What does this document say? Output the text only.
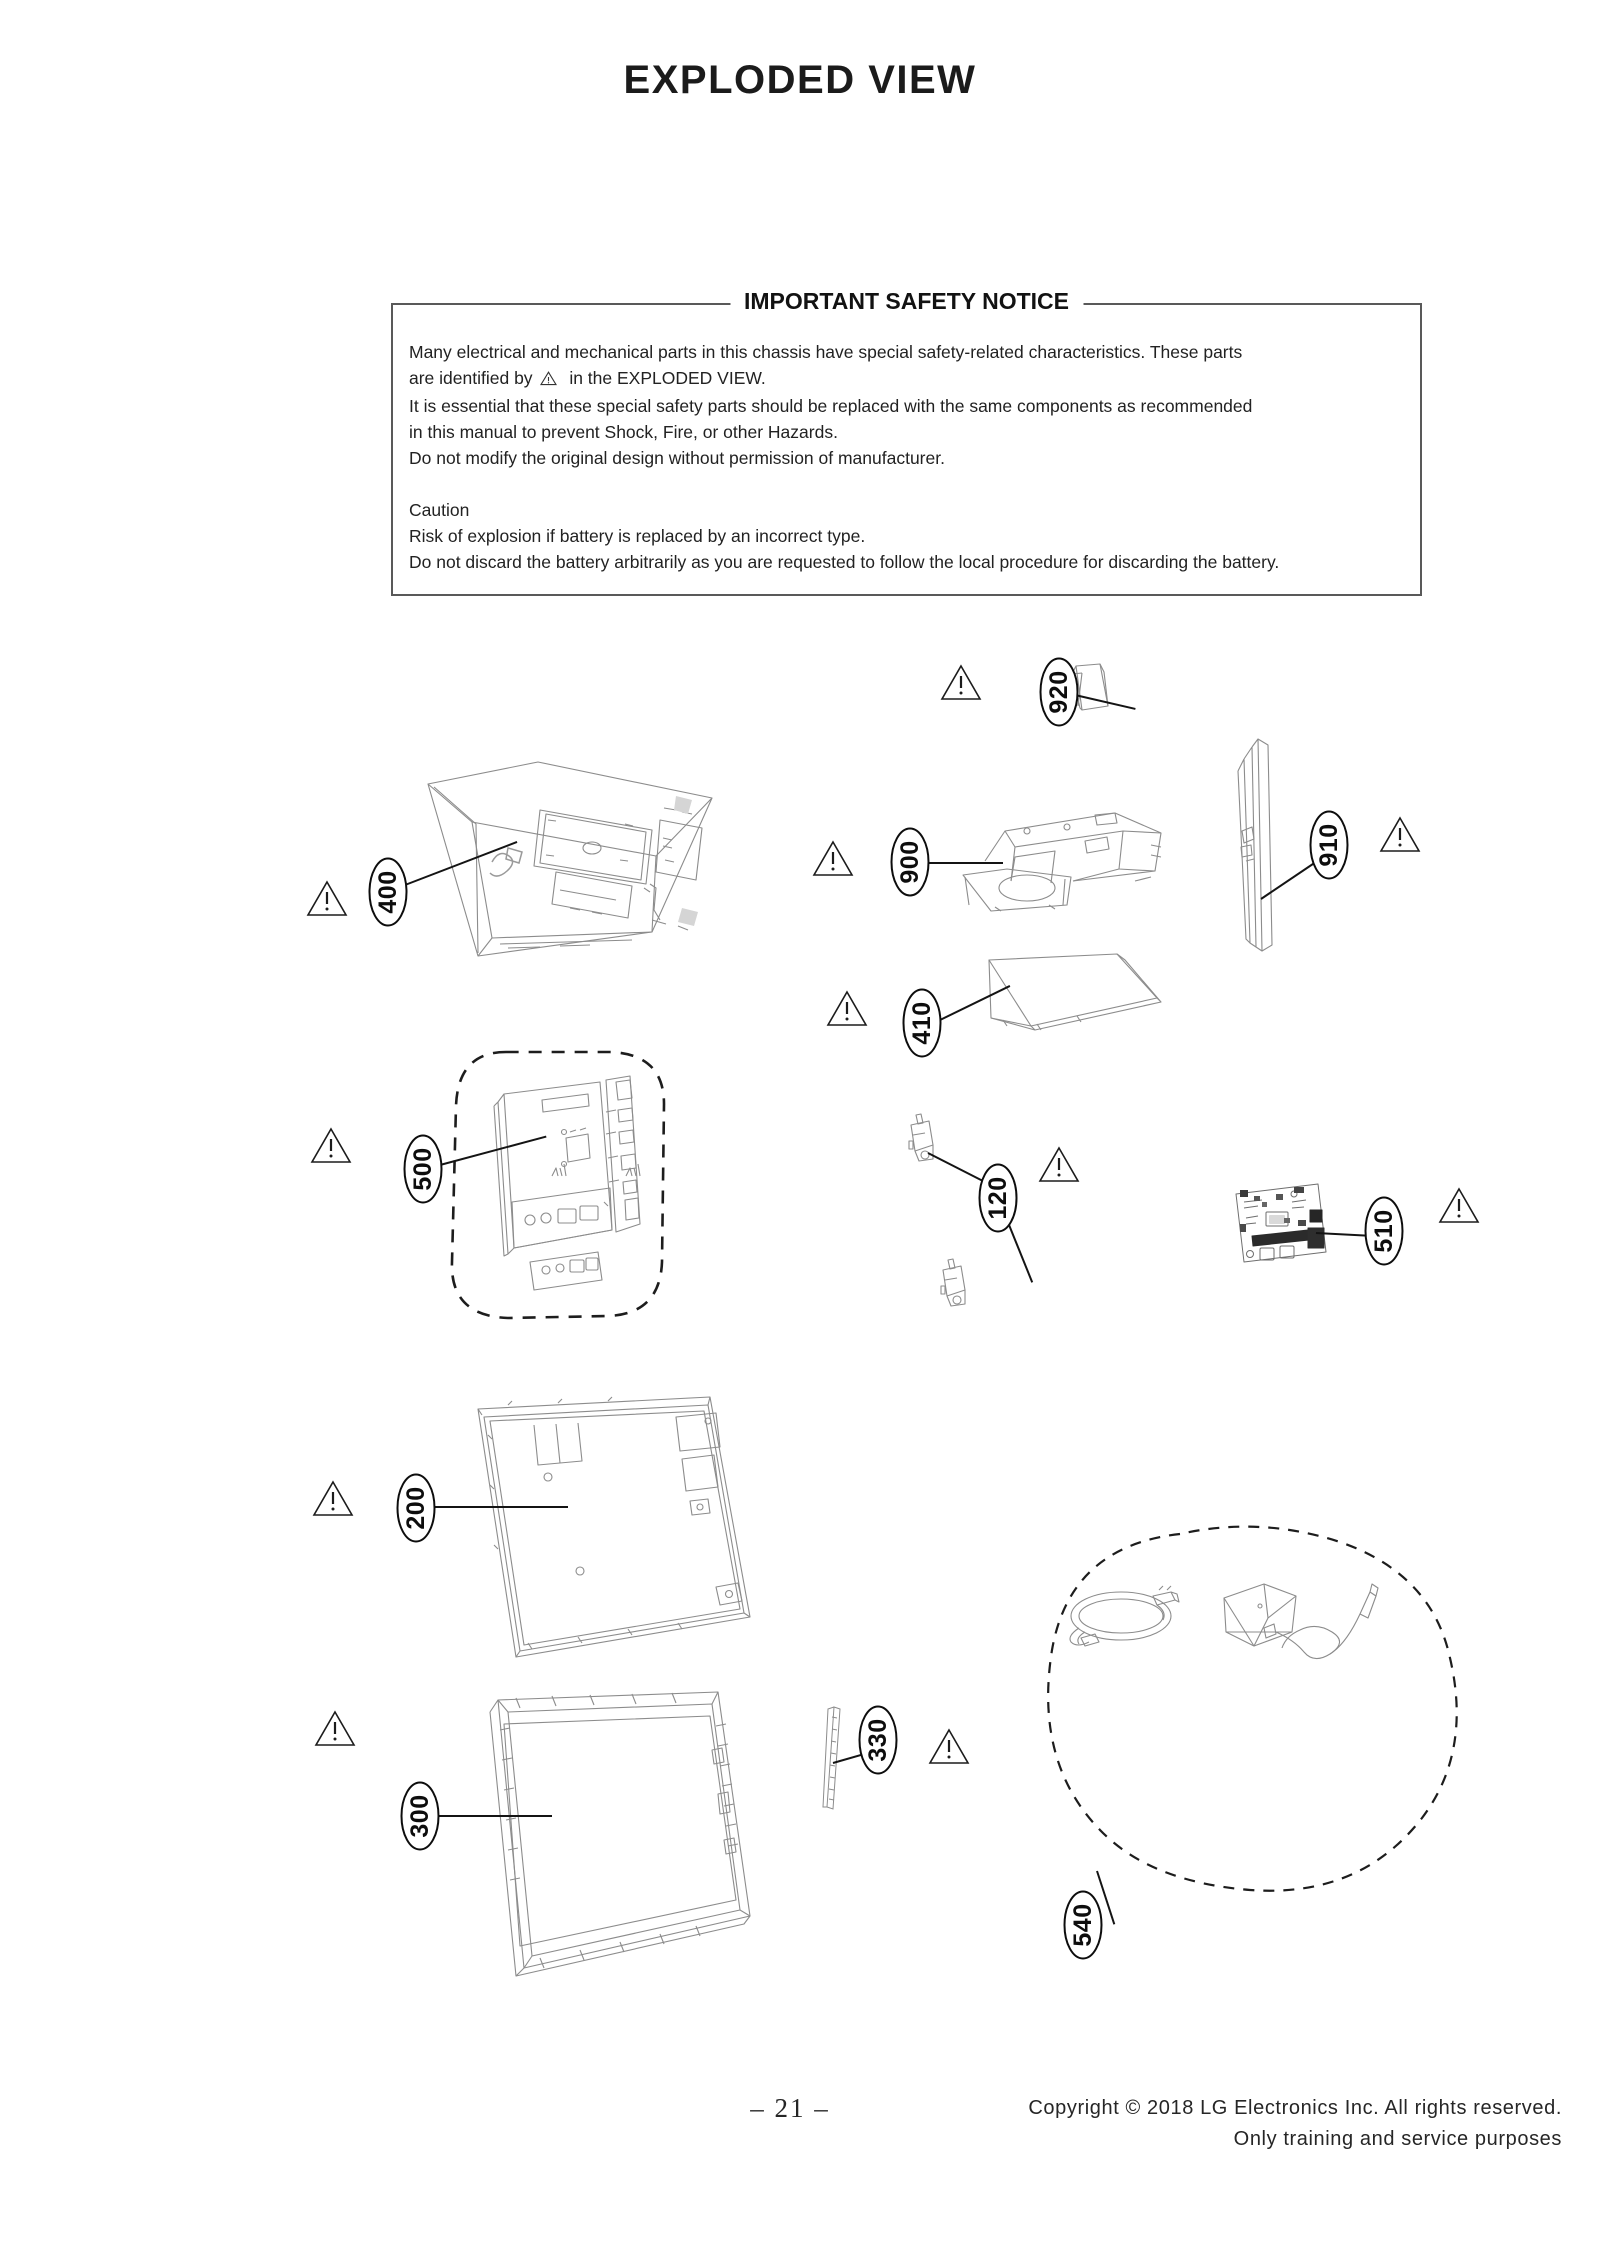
EXPLODED VIEW
IMPORTANT SAFETY NOTICE
Many electrical and mechanical parts in this chassis have special safety-related characteristics. These parts
are identified by in the EXPLODED VIEW.
It is essential that these special safety parts should be replaced with the same components as recommended
in this manual to prevent Shock, Fire, or other Hazards.
Do not modify the original design without permission of manufacturer.
Caution
Risk of explosion if battery is replaced by an incorrect type.
Do not discard the battery arbitrarily as you are requested to follow the local procedure for discarding the battery.
400
920
900	910
410
500
120
510
200
300
330
540
– 21 –	Copyright © 2018 LG Electronics Inc. All rights reserved.
Only training and service purposes
